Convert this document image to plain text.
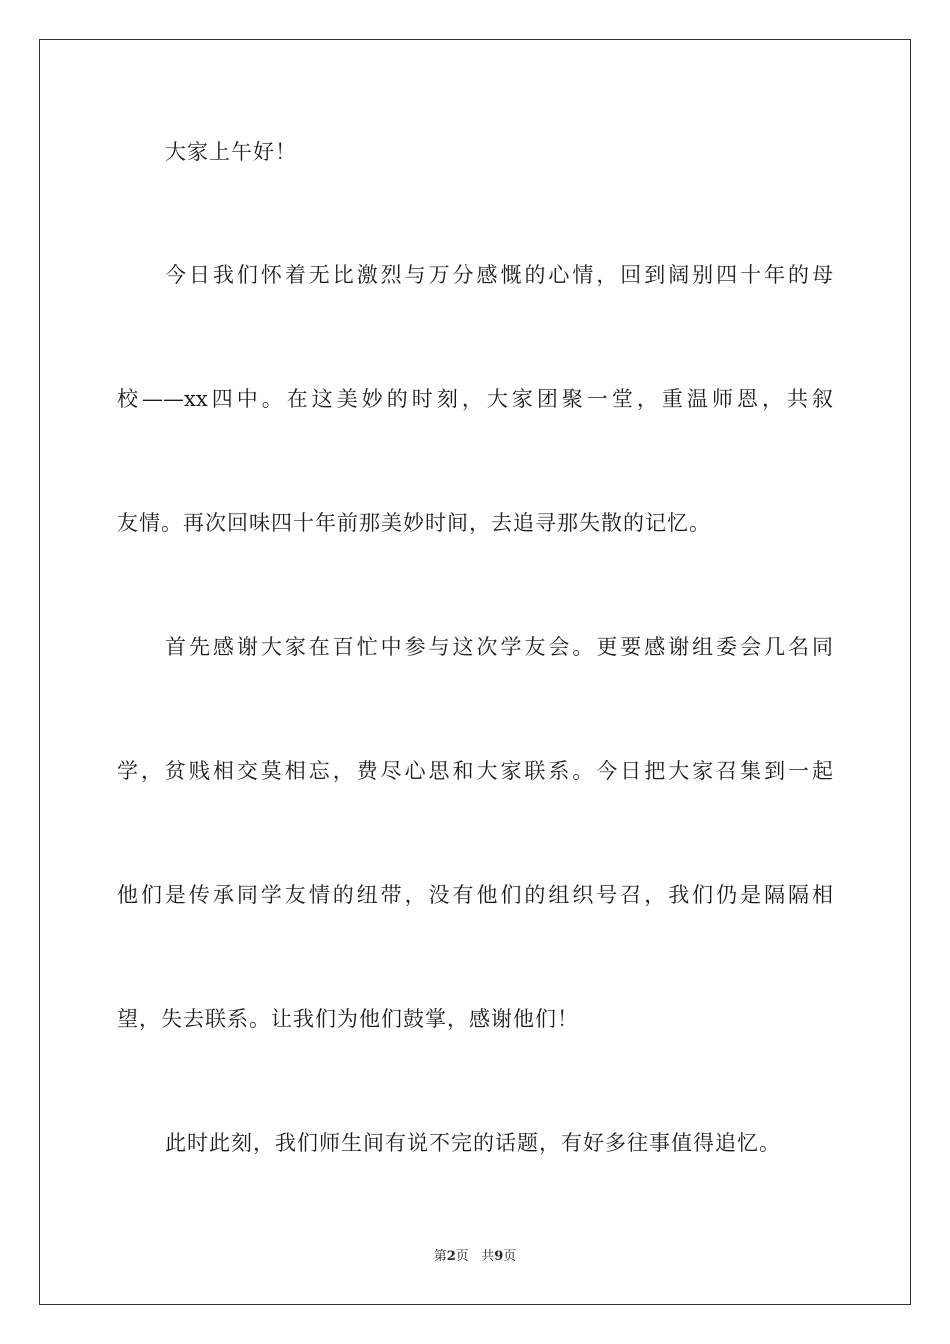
大家上午好！
今日我们怀着无比激烈与万分感慨的心情，回到阔别四十年的母
校——xx四中。在这美妙的时刻，大家团聚一堂，重温师恩，共叙
友情。再次回味四十年前那美妙时间，去追寻那失散的记忆。
首先感谢大家在百忙中参与这次学友会。更要感谢组委会几名同
学，贫贱相交莫相忘，费尽心思和大家联系。今日把大家召集到一起
他们是传承同学友情的纽带，没有他们的组织号召，我们仍是隔隔相
望，失去联系。让我们为他们鼓掌，感谢他们！
此时此刻，我们师生间有说不完的话题，有好多往事值得追忆。
第2页 共9页
